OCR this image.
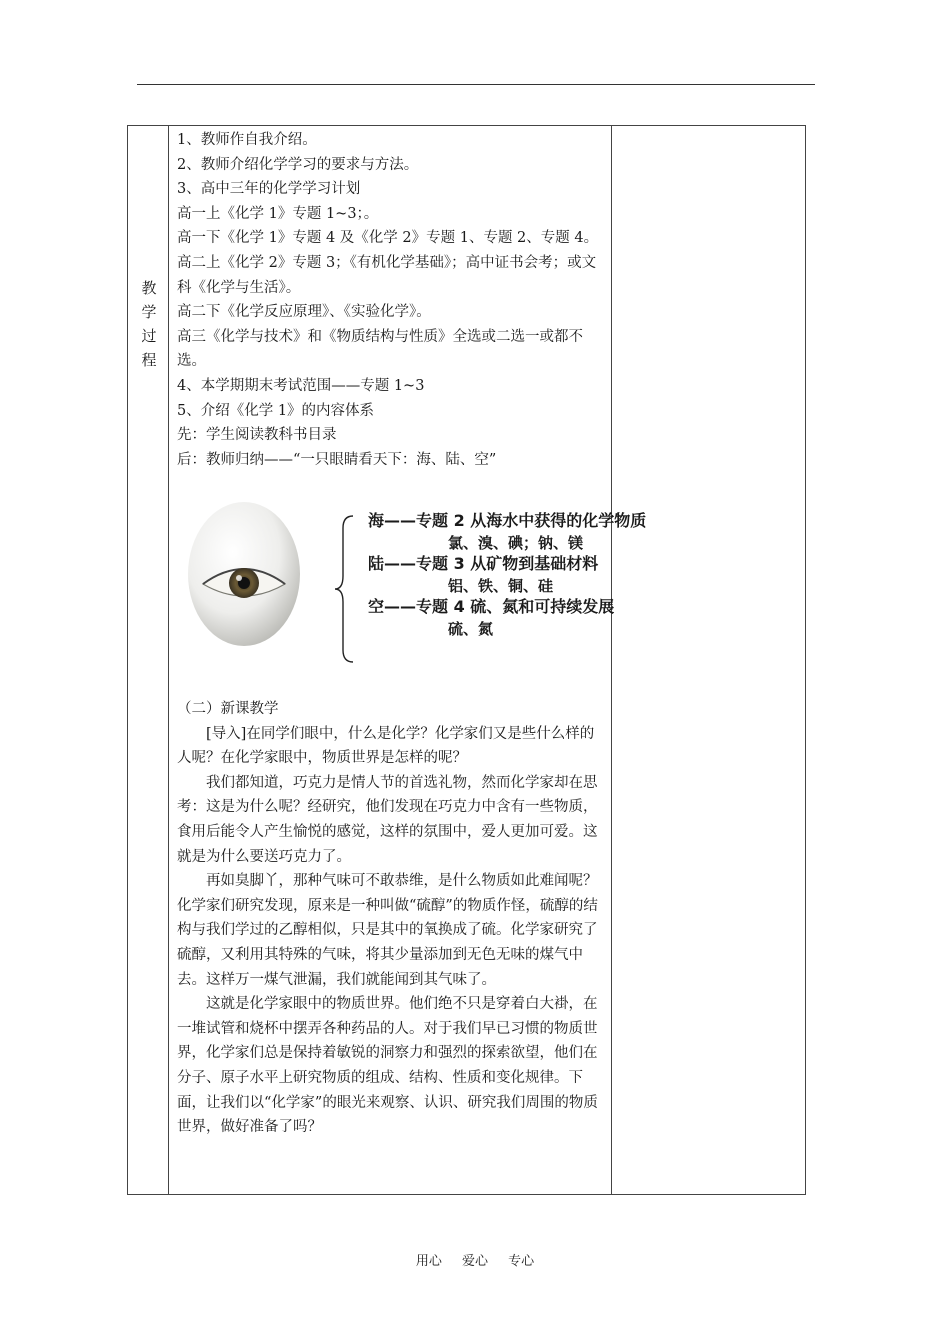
教
学
过
程

1、教师作自我介绍。

2、教师介绍化学学习的要求与方法。

3、高中三年的化学学习计划

高一上《化学 1》专题 1~3；。

高一下《化学 1》专题 4 及《化学 2》专题 1、专题 2、专题 4。

高二上《化学 2》专题 3；《有机化学基础》；高中证书会考；或文科《化学与生活》。

高二下《化学反应原理》、《实验化学》。

高三《化学与技术》和《物质结构与性质》全选或二选一或都不选。

4、本学期期末考试范围——专题 1~3

5、介绍《化学 1》的内容体系

先：学生阅读教科书目录

后：教师归纳——“一只眼睛看天下：海、陆、空”

海——专题 2 从海水中获得的化学物质
氯、溴、碘；钠、镁
陆——专题 3 从矿物到基础材料
铝、铁、铜、硅
空——专题 4 硫、氮和可持续发展
硫、氮

（二）新课教学

[导入]在同学们眼中，什么是化学？化学家们又是些什么样的人呢？在化学家眼中，物质世界是怎样的呢？

我们都知道，巧克力是情人节的首选礼物，然而化学家却在思考：这是为什么呢？经研究，他们发现在巧克力中含有一些物质，食用后能令人产生愉悦的感觉，这样的氛围中，爱人更加可爱。这就是为什么要送巧克力了。

再如臭脚丫，那种气味可不敢恭维，是什么物质如此难闻呢？化学家们研究发现，原来是一种叫做“硫醇”的物质作怪，硫醇的结构与我们学过的乙醇相似，只是其中的氧换成了硫。化学家研究了硫醇，又利用其特殊的气味，将其少量添加到无色无味的煤气中去。这样万一煤气泄漏，我们就能闻到其气味了。

这就是化学家眼中的物质世界。他们绝不只是穿着白大褂，在一堆试管和烧杯中摆弄各种药品的人。对于我们早已习惯的物质世界，化学家们总是保持着敏锐的洞察力和强烈的探索欲望，他们在分子、原子水平上研究物质的组成、结构、性质和变化规律。下面，让我们以“化学家”的眼光来观察、认识、研究我们周围的物质世界，做好准备了吗？

用心 爱心 专心
